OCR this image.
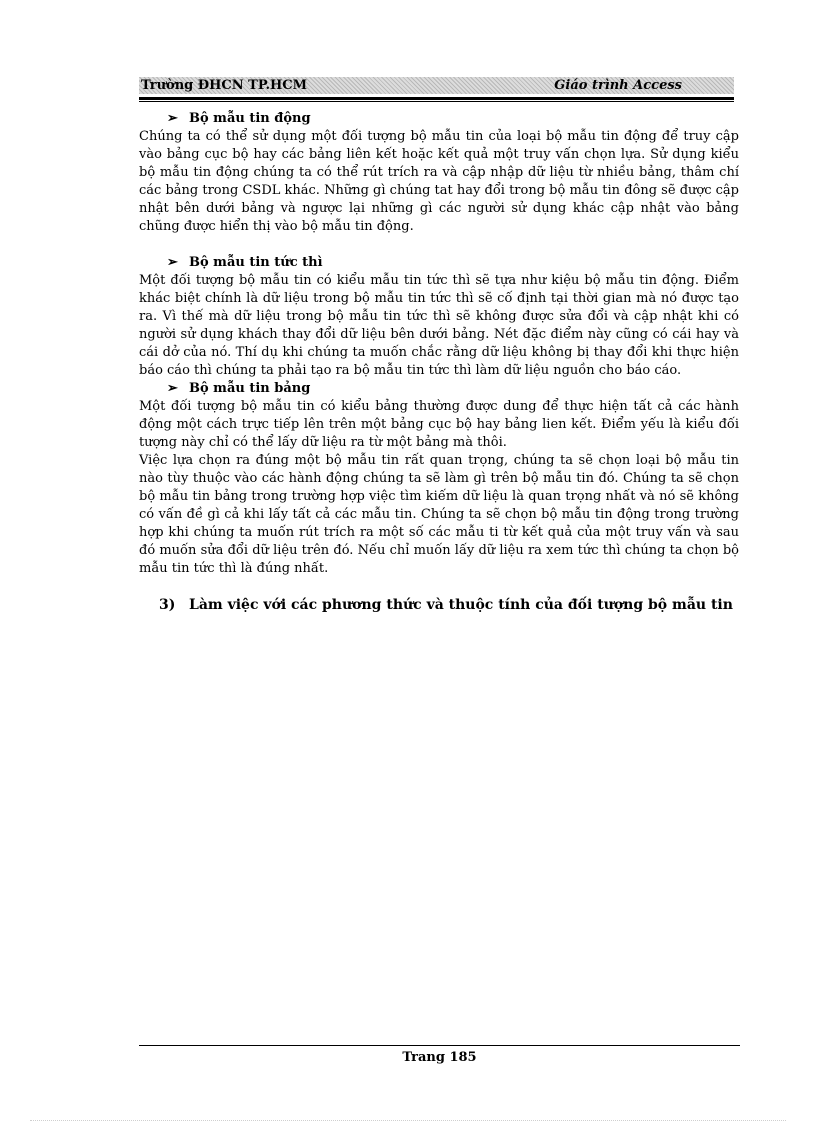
Trường ĐHCN TP.HCM	Giáo trình Access

➢ Bộ mẫu tin động

Chúng ta có thể sử dụng một đối tượng bộ mẫu tin của loại bộ mẫu tin động để truy cập vào bảng cục bộ hay các bảng liên kết hoặc kết quả một truy vấn chọn lựa. Sử dụng kiểu bộ mẫu tin động chúng ta có thể rút trích ra và cập nhập dữ liệu từ nhiều bảng, thâm chí các bảng trong CSDL khác. Những gì chúng tat hay đổi trong bộ mẫu tin đông sẽ được cập nhật bên dưới bảng và ngược lại những gì các người sử dụng khác cập nhật vào bảng chũng được hiển thị vào bộ mẫu tin động.

➢ Bộ mẫu tin tức thì

Một đối tượng bộ mẫu tin có kiểu mẫu tin tức thì sẽ tựa như kiệu bộ mẫu tin động. Điểm khác biệt chính là dữ liệu trong bộ mẫu tin tức thì sẽ cố định tại thời gian mà nó được tạo ra. Vì thế mà dữ liệu trong bộ mẫu tin tức thì sẽ không được sửa đổi và cập nhật khi có người sử dụng khách thay đổi dữ liệu bên dưới bảng. Nét đặc điểm này cũng có cái hay và cái dở của nó. Thí dụ khi chúng ta muốn chắc rằng dữ liệu không bị thay đổi khi thực hiện báo cáo thì chúng ta phải tạo ra bộ mẫu tin tức thì làm dữ liệu nguồn cho báo cáo.

➢ Bộ mẫu tin bảng

Một đối tượng bộ mẫu tin có kiểu bảng thường được dung để thực hiện tất cả các hành động một cách trực tiếp lên trên một bảng cục bộ hay bảng lien kết. Điểm yếu là kiểu đối tượng này chỉ có thể lấy dữ liệu ra từ một bảng mà thôi.

Việc lựa chọn ra đúng một bộ mẫu tin rất quan trọng, chúng ta sẽ chọn loại bộ mẫu tin nào tùy thuộc vào các hành động chúng ta sẽ làm gì trên bộ mẫu tin đó. Chúng ta sẽ chọn bộ mẫu tin bảng trong trường hợp việc tìm kiếm dữ liệu là quan trọng nhất và nó sẽ không có vấn đề gì cả khi lấy tất cả các mẫu tin. Chúng ta sẽ chọn bộ mẫu tin động trong trường hợp khi chúng ta muốn rút trích ra một số các mẫu ti từ kết quả của một truy vấn và sau đó muốn sửa đổi dữ liệu trên đó. Nếu chỉ muốn lấy dữ liệu ra xem tức thì chúng ta chọn bộ mẫu tin tức thì là đúng nhất.

3) Làm việc với các phương thức và thuộc tính của đối tượng bộ mẫu tin

Trang 185
